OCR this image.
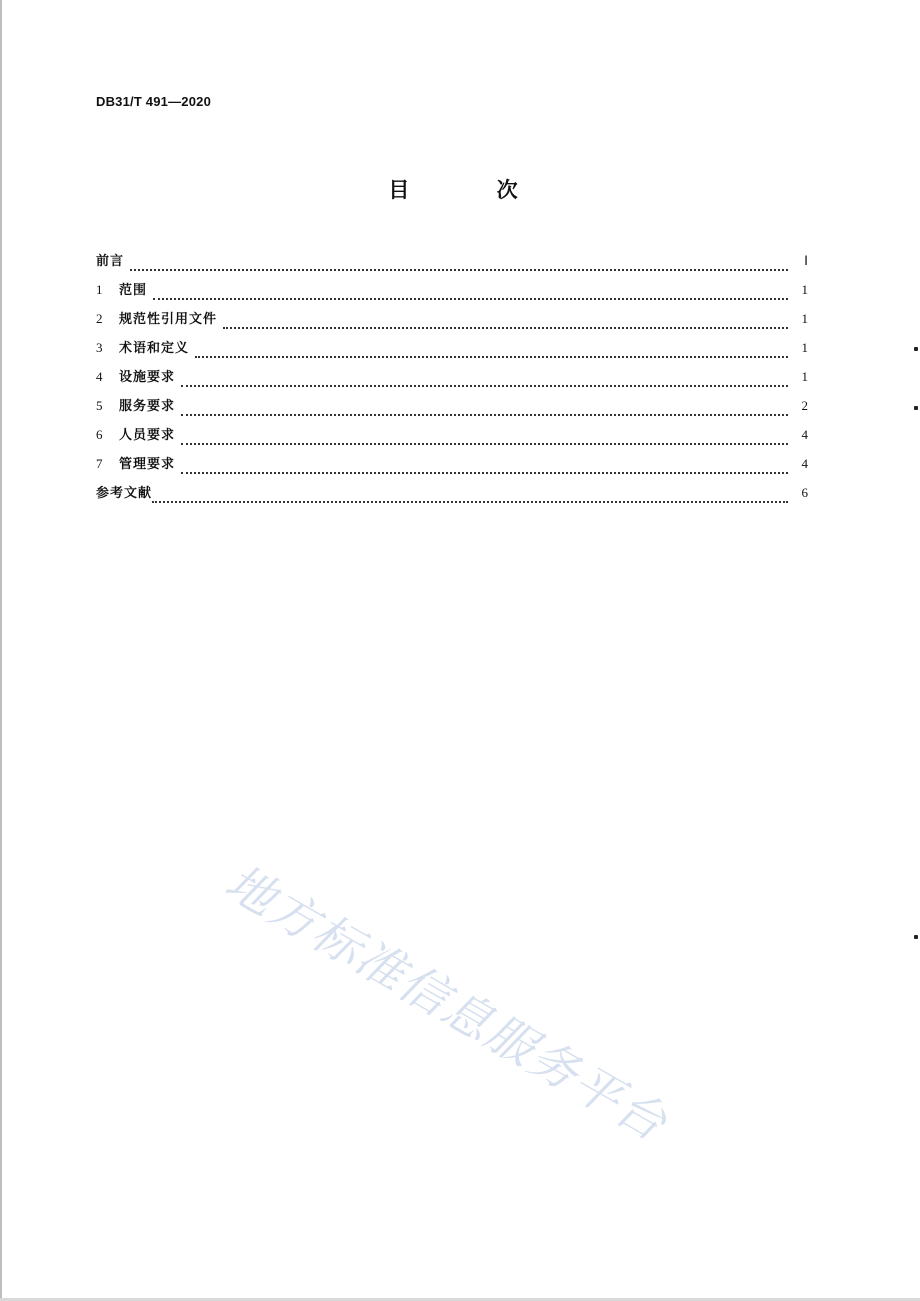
DB31/T 491—2020
目 次
前言	Ⅰ
1	范围	1
2	规范性引用文件	1
3	术语和定义	1
4	设施要求	1
5	服务要求	2
6	人员要求	4
7	管理要求	4
参考文献	6
地方标准信息服务平台
